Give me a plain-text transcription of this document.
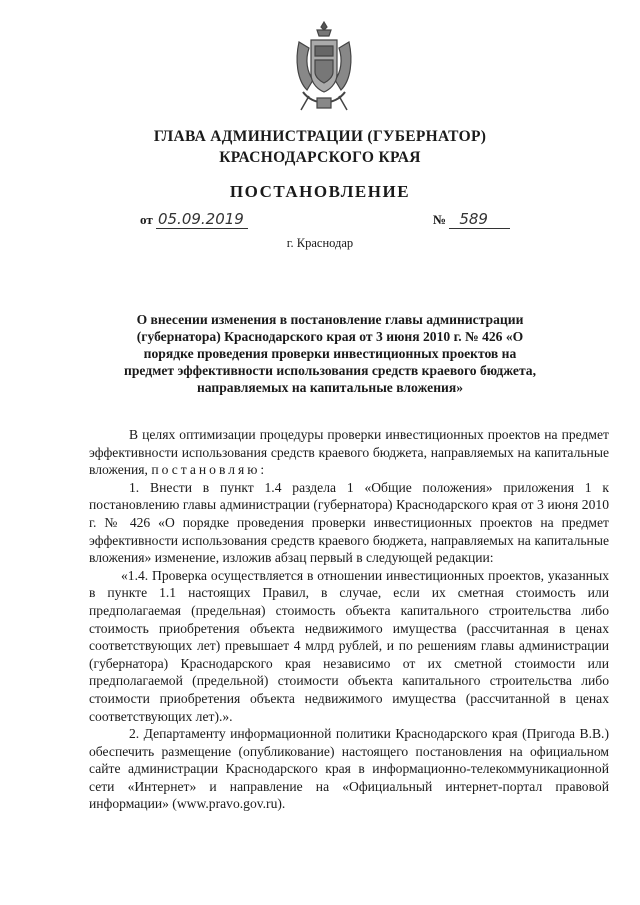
ГЛАВА АДМИНИСТРАЦИИ (ГУБЕРНАТОР)
КРАСНОДАРСКОГО КРАЯ
ПОСТАНОВЛЕНИЕ
от 05.09.2019	№ 589
г. Краснодар
О внесении изменения в постановление главы администрации (губернатора) Краснодарского края от 3 июня 2010 г. № 426 «О порядке проведения проверки инвестиционных проектов на предмет эффективности использования средств краевого бюджета, направляемых на капитальные вложения»

В целях оптимизации процедуры проверки инвестиционных проектов на предмет эффективности использования средств краевого бюджета, направляемых на капитальные вложения, постановляю:

1. Внести в пункт 1.4 раздела 1 «Общие положения» приложения 1 к постановлению главы администрации (губернатора) Краснодарского края от 3 июня 2010 г. № 426 «О порядке проведения проверки инвестиционных проектов на предмет эффективности использования средств краевого бюджета, направляемых на капитальные вложения» изменение, изложив абзац первый в следующей редакции:

«1.4. Проверка осуществляется в отношении инвестиционных проектов, указанных в пункте 1.1 настоящих Правил, в случае, если их сметная стоимость или предполагаемая (предельная) стоимость объекта капитального строительства либо стоимость приобретения объекта недвижимого имущества (рассчитанная в ценах соответствующих лет) превышает 4 млрд рублей, и по решениям главы администрации (губернатора) Краснодарского края независимо от их сметной стоимости или предполагаемой (предельной) стоимости объекта капитального строительства либо стоимости приобретения объекта недвижимого имущества (рассчитанной в ценах соответствующих лет).».

2. Департаменту информационной политики Краснодарского края (Пригода В.В.) обеспечить размещение (опубликование) настоящего постановления на официальном сайте администрации Краснодарского края в информационно-телекоммуникационной сети «Интернет» и направление на «Официальный интернет-портал правовой информации» (www.pravo.gov.ru).
